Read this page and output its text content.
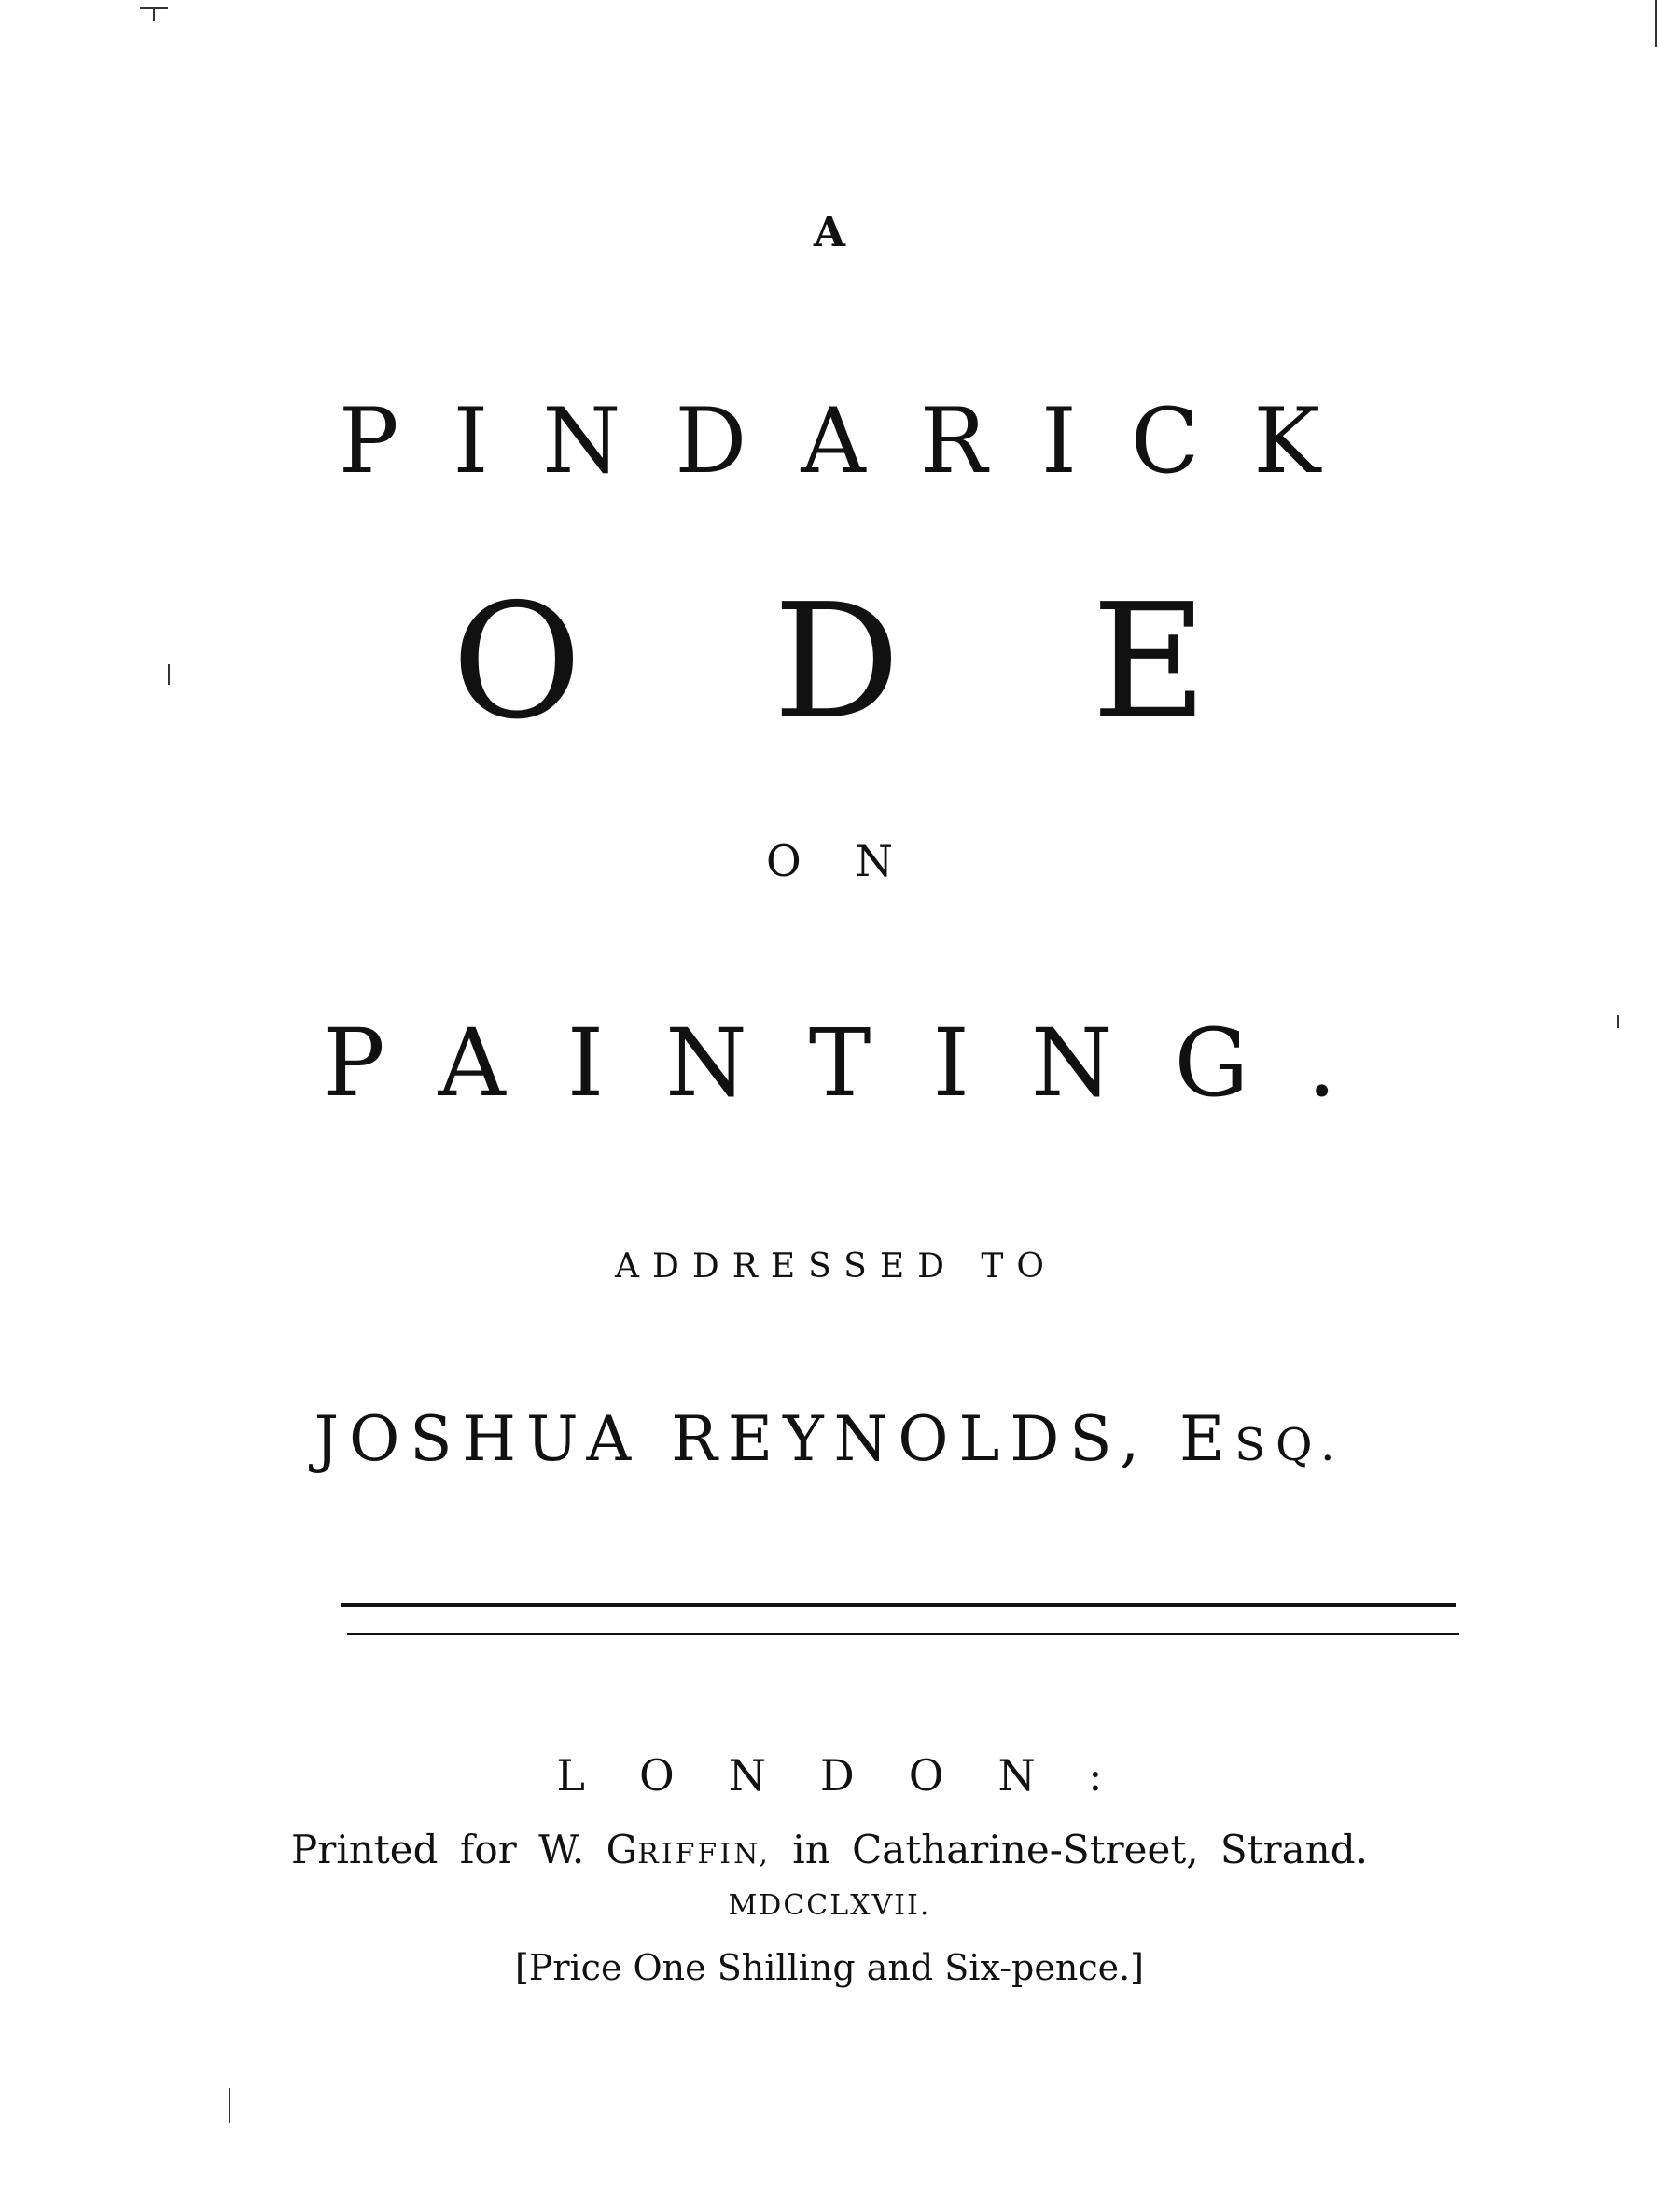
A
PINDARICK
ODE
ON
PAINTING.
ADDRESSED TO
JOSHUA REYNOLDS, ESQ.
LONDON:
Printed for W. GRIFFIN, in Catharine-Street, Strand.
MDCCLXVII.
[Price One Shilling and Six-pence.]
